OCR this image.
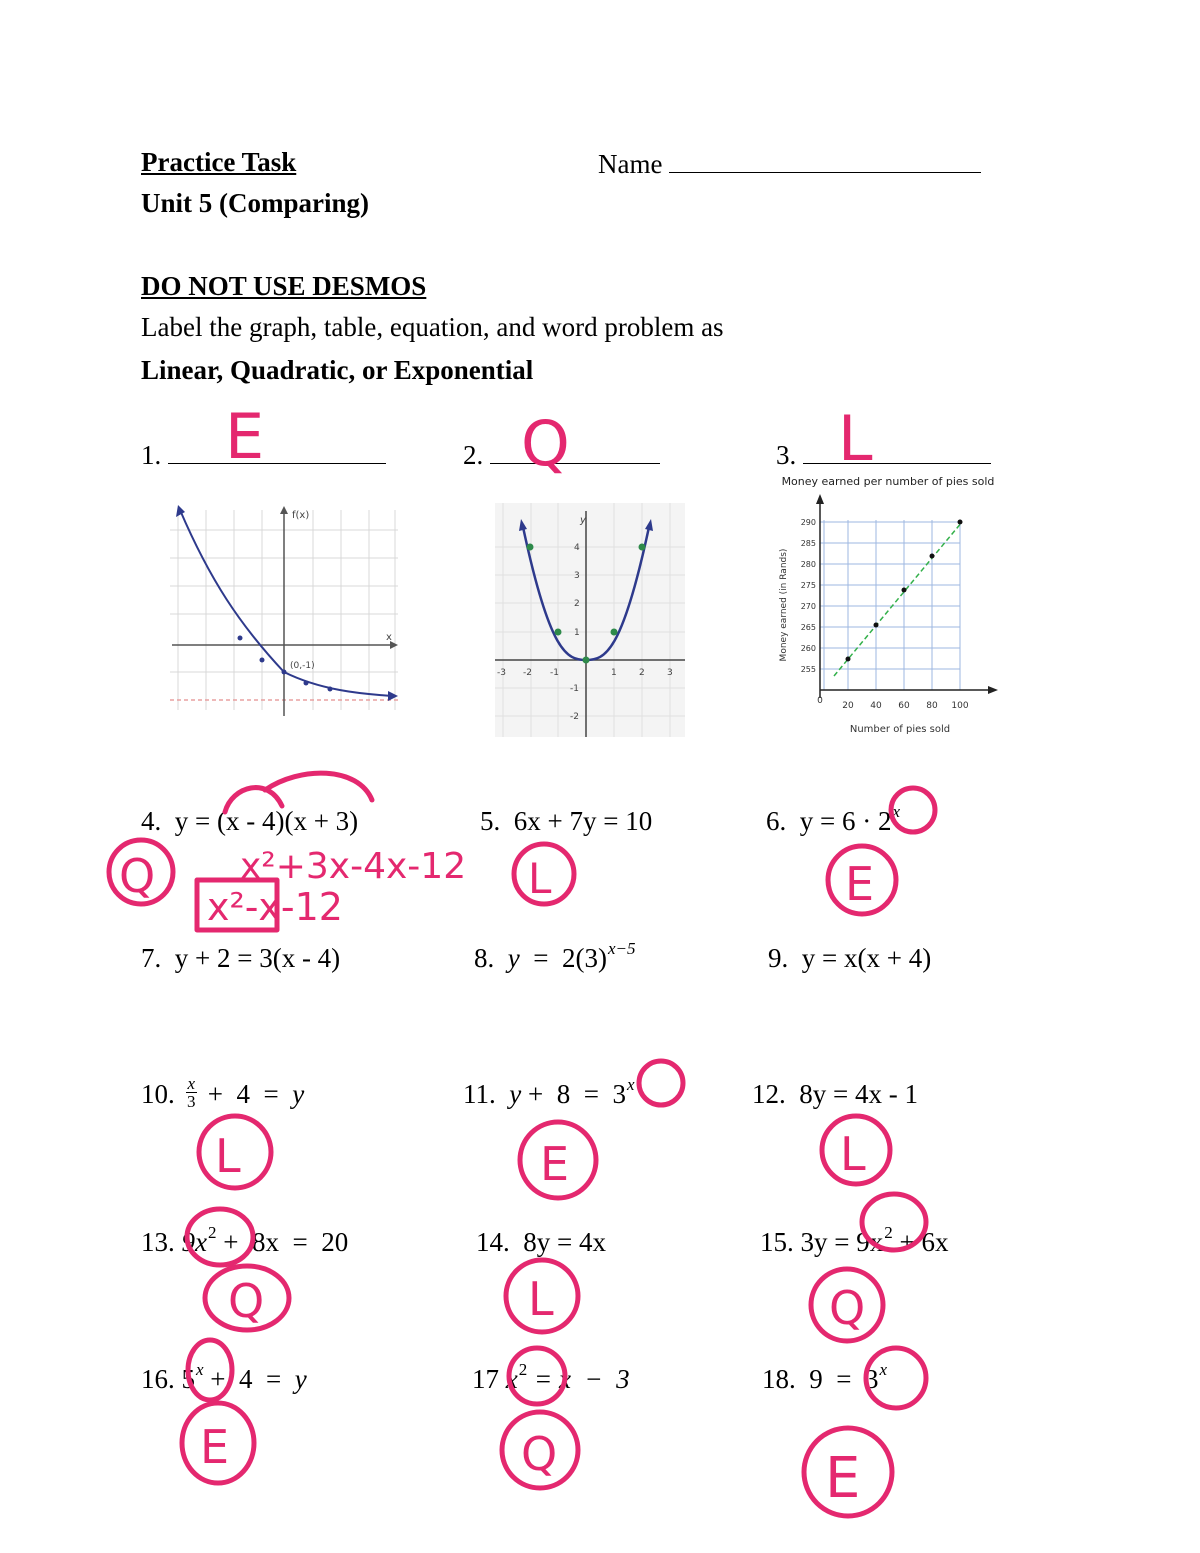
Practice Task
Unit 5 (Comparing)
Name
DO NOT USE DESMOS
Label the graph, table, equation, and word problem as
Linear, Quadratic, or Exponential
1.	2.	3.
f(x)
x
(0,-1)
y
-3 -2 -1	1 2 3
4
3
2
1
-1
-2
Money earned per number of pies sold
290
285
280
275
270
265
260
255
0 20 40 60 80 100
Number of pies sold
Money earned (in Rands)
4. y = (x - 4)(x + 3)	5. 6x + 7y = 10	6. $y = 6 \cdot 2^x$
7. y + 2 = 3(x - 4)	8. $y = 2(3)^{x-5}$	9. y = x(x + 4)
10. $\frac{x}{3} + 4 = y$	11. y +  8  =  3$^x$	12. 8y = 4x - 1
13. $9x^2 + 8x = 20$	14. 8y = 4x	15. $3y = 9x^2 + 6x$
16. $5^x + 4 = y$	17 $x^2 = x - 3$	18. 9  =  3$^x$
E	Q	L
Q x²+3x-4x-12
x²-x-12
L	E
L	E	L
Q	L	Q
E	Q	E
